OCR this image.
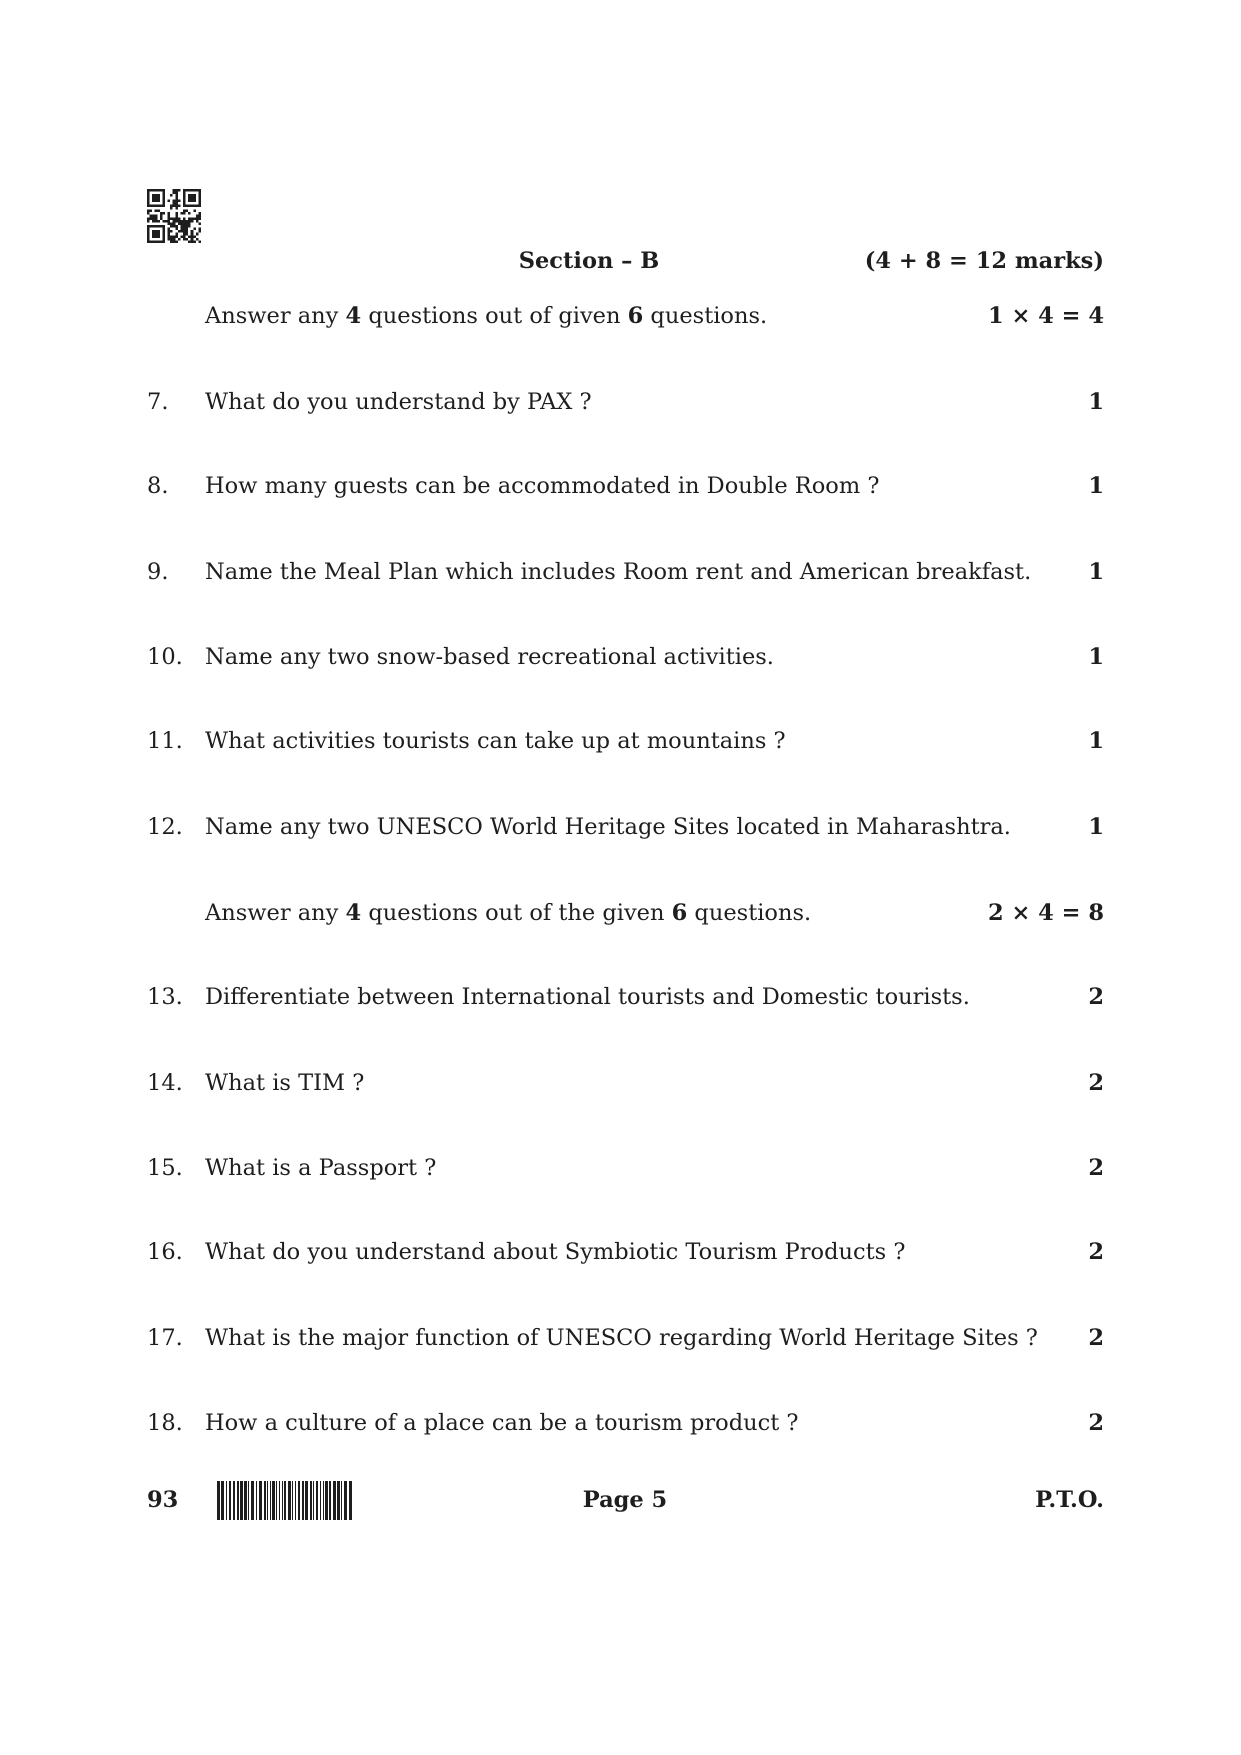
Section – B	(4 + 8 = 12 marks)
Answer any 4 questions out of given 6 questions.	1 × 4 = 4
7. What do you understand by PAX ?	1
8. How many guests can be accommodated in Double Room ?	1
9. Name the Meal Plan which includes Room rent and American breakfast.	1
10. Name any two snow-based recreational activities.	1
11. What activities tourists can take up at mountains ?	1
12. Name any two UNESCO World Heritage Sites located in Maharashtra.	1
Answer any 4 questions out of the given 6 questions.	2 × 4 = 8
13. Differentiate between International tourists and Domestic tourists.	2
14. What is TIM ?	2
15. What is a Passport ?	2
16. What do you understand about Symbiotic Tourism Products ?	2
17. What is the major function of UNESCO regarding World Heritage Sites ? 2
18. How a culture of a place can be a tourism product ?	2
93	Page 5	P.T.O.
